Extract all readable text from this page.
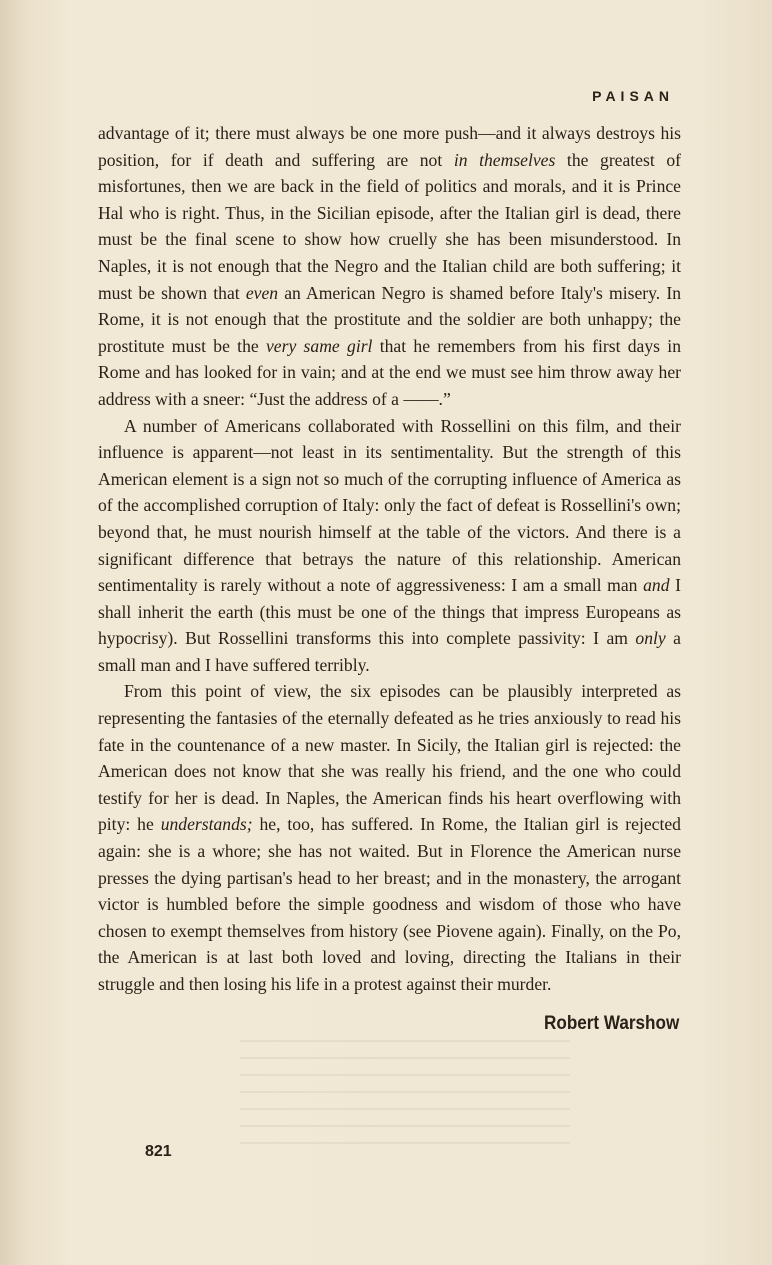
PAISAN

advantage of it; there must always be one more push—and it always destroys his position, for if death and suffering are not in themselves the greatest of misfortunes, then we are back in the field of politics and morals, and it is Prince Hal who is right. Thus, in the Sicilian episode, after the Italian girl is dead, there must be the final scene to show how cruelly she has been misunderstood. In Naples, it is not enough that the Negro and the Italian child are both suffering; it must be shown that even an American Negro is shamed before Italy's misery. In Rome, it is not enough that the prostitute and the soldier are both unhappy; the prostitute must be the very same girl that he remembers from his first days in Rome and has looked for in vain; and at the end we must see him throw away her address with a sneer: “Just the address of a ——.”

A number of Americans collaborated with Rossellini on this film, and their influence is apparent—not least in its sentimentality. But the strength of this American element is a sign not so much of the corrupting influence of America as of the accomplished corruption of Italy: only the fact of defeat is Rossellini's own; beyond that, he must nourish himself at the table of the victors. And there is a significant difference that betrays the nature of this relationship. American sentimentality is rarely without a note of aggressiveness: I am a small man and I shall inherit the earth (this must be one of the things that impress Europeans as hypocrisy). But Rossellini transforms this into complete passivity: I am only a small man and I have suffered terribly.

From this point of view, the six episodes can be plausibly interpreted as representing the fantasies of the eternally defeated as he tries anxiously to read his fate in the countenance of a new master. In Sicily, the Italian girl is rejected: the American does not know that she was really his friend, and the one who could testify for her is dead. In Naples, the American finds his heart overflowing with pity: he understands; he, too, has suffered. In Rome, the Italian girl is rejected again: she is a whore; she has not waited. But in Florence the American nurse presses the dying partisan's head to her breast; and in the monastery, the arrogant victor is humbled before the simple goodness and wisdom of those who have chosen to exempt themselves from history (see Piovene again). Finally, on the Po, the American is at last both loved and loving, directing the Italians in their struggle and then losing his life in a protest against their murder.

Robert Warshow
821
